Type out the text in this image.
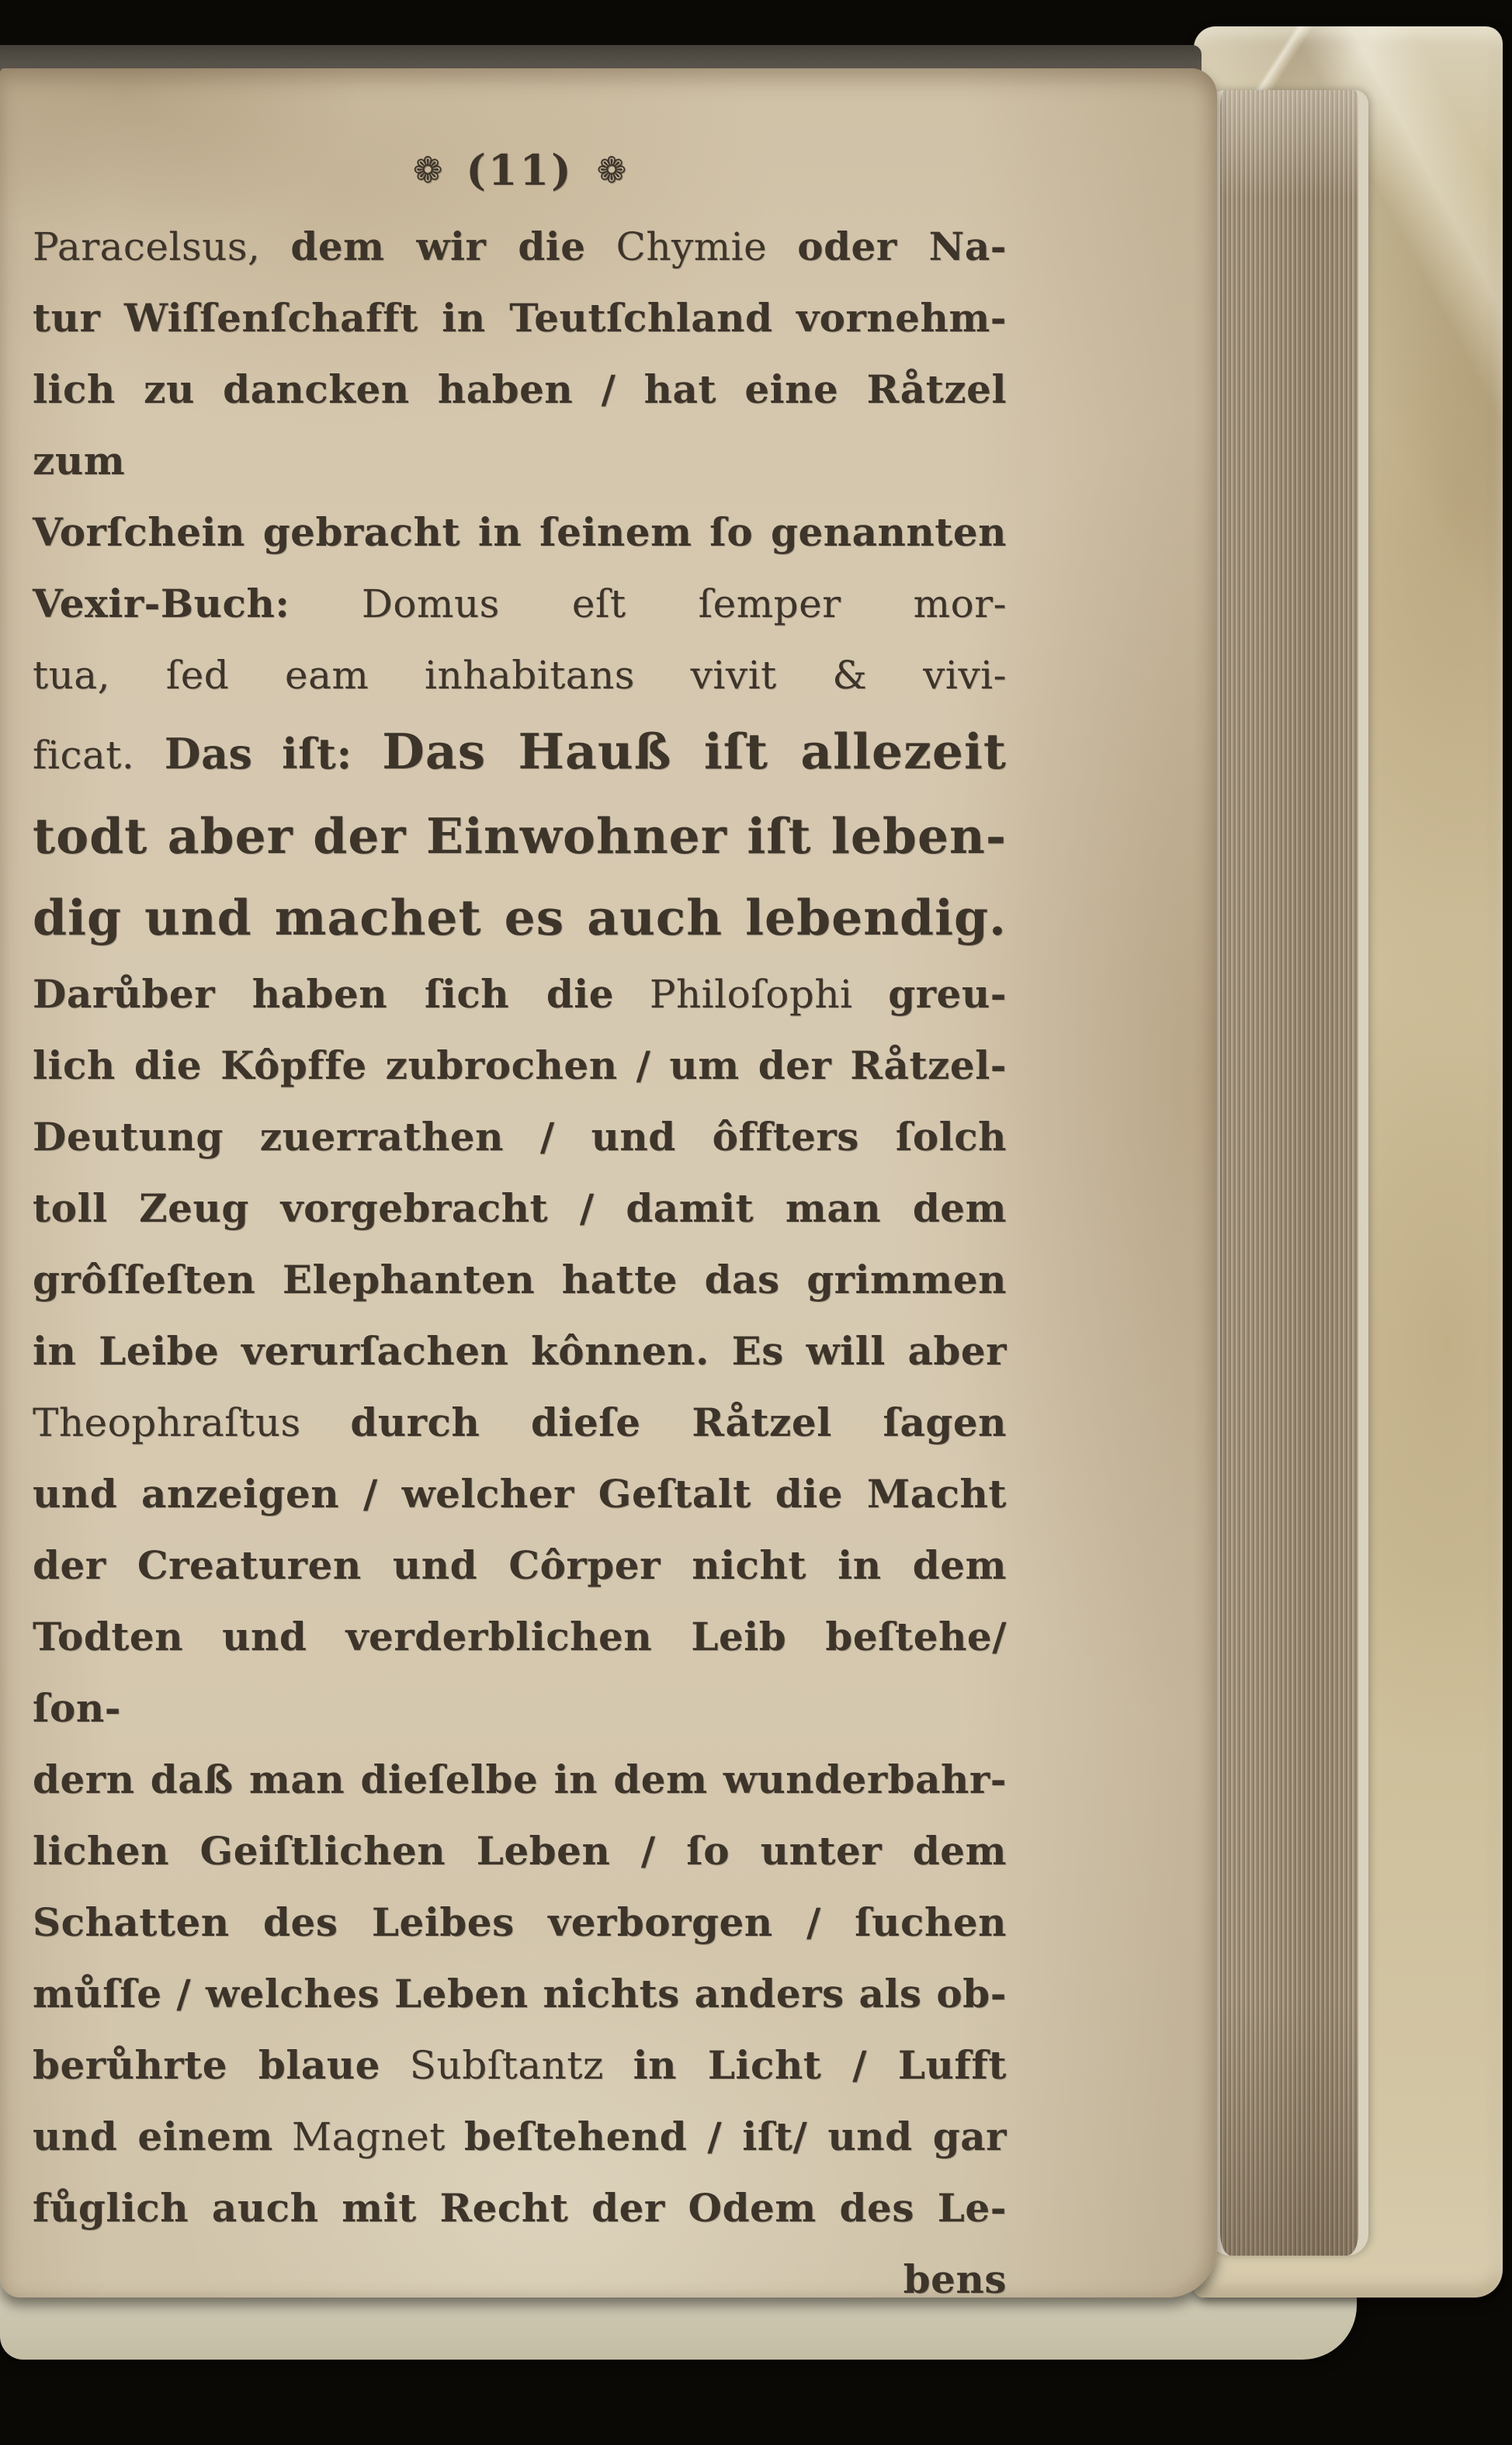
❁ (11) ❁
Paracelsus, dem wir die Chymie oder Na-
tur Wiſſenſchafft in Teutſchland vornehm-
lich zu dancken haben / hat eine Råtzel zum
Vorſchein gebracht in ſeinem ſo genannten
Vexir-Buch: Domus eſt ſemper mor-
tua, ſed eam inhabitans vivit & vivi-
ficat. Das iſt: Das Hauß iſt allezeit
todt aber der Einwohner iſt leben-
dig und machet es auch lebendig.
Darůber haben ſich die Philoſophi greu-
lich die Kôpffe zubrochen / um der Råtzel-
Deutung zuerrathen / und ôffters ſolch
toll Zeug vorgebracht / damit man dem
grôſſeſten Elephanten hatte das grimmen
in Leibe verurſachen kônnen. Es will aber
Theophraſtus durch dieſe Råtzel ſagen
und anzeigen / welcher Geſtalt die Macht
der Creaturen und Côrper nicht in dem
Todten und verderblichen Leib beſtehe/ ſon-
dern daß man dieſelbe in dem wunderbahr-
lichen Geiſtlichen Leben / ſo unter dem
Schatten des Leibes verborgen / ſuchen
můſſe / welches Leben nichts anders als ob-
berůhrte blaue Subſtantz in Licht / Lufft
und einem Magnet beſtehend / iſt/ und gar
fůglich auch mit Recht der Odem des Le-
bens
